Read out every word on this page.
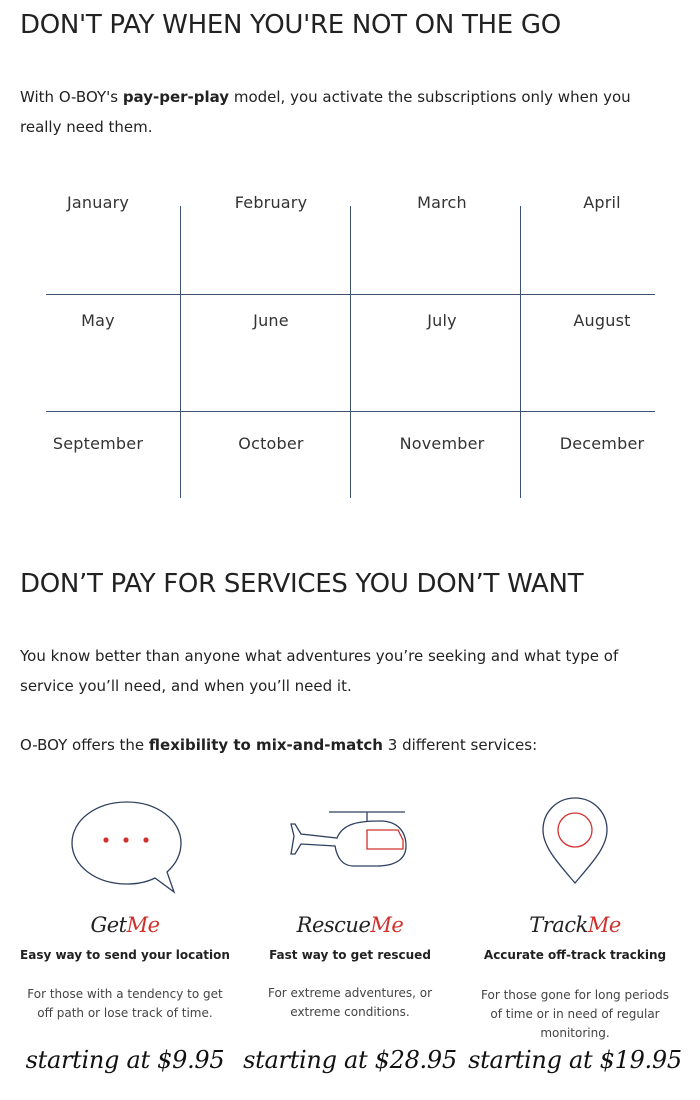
DON'T PAY WHEN YOU'RE NOT ON THE GO

With O-BOY's pay-per-play model, you activate the subscriptions only when you really need them.

January	February	March	April
May	June	July	August
September	October	November	December
DON’T PAY FOR SERVICES YOU DON’T WANT

You know better than anyone what adventures you’re seeking and what type of service you’ll need, and when you’ll need it.

O-BOY offers the flexibility to mix-and-match 3 different services:

GetMe
Easy way to send your location
For those with a tendency to get off path or lose track of time.
starting at $9.95
RescueMe
Fast way to get rescued
For extreme adventures, or extreme conditions.
starting at $28.95
TrackMe
Accurate off-track tracking
For those gone for long periods of time or in need of regular monitoring.
starting at $19.95
